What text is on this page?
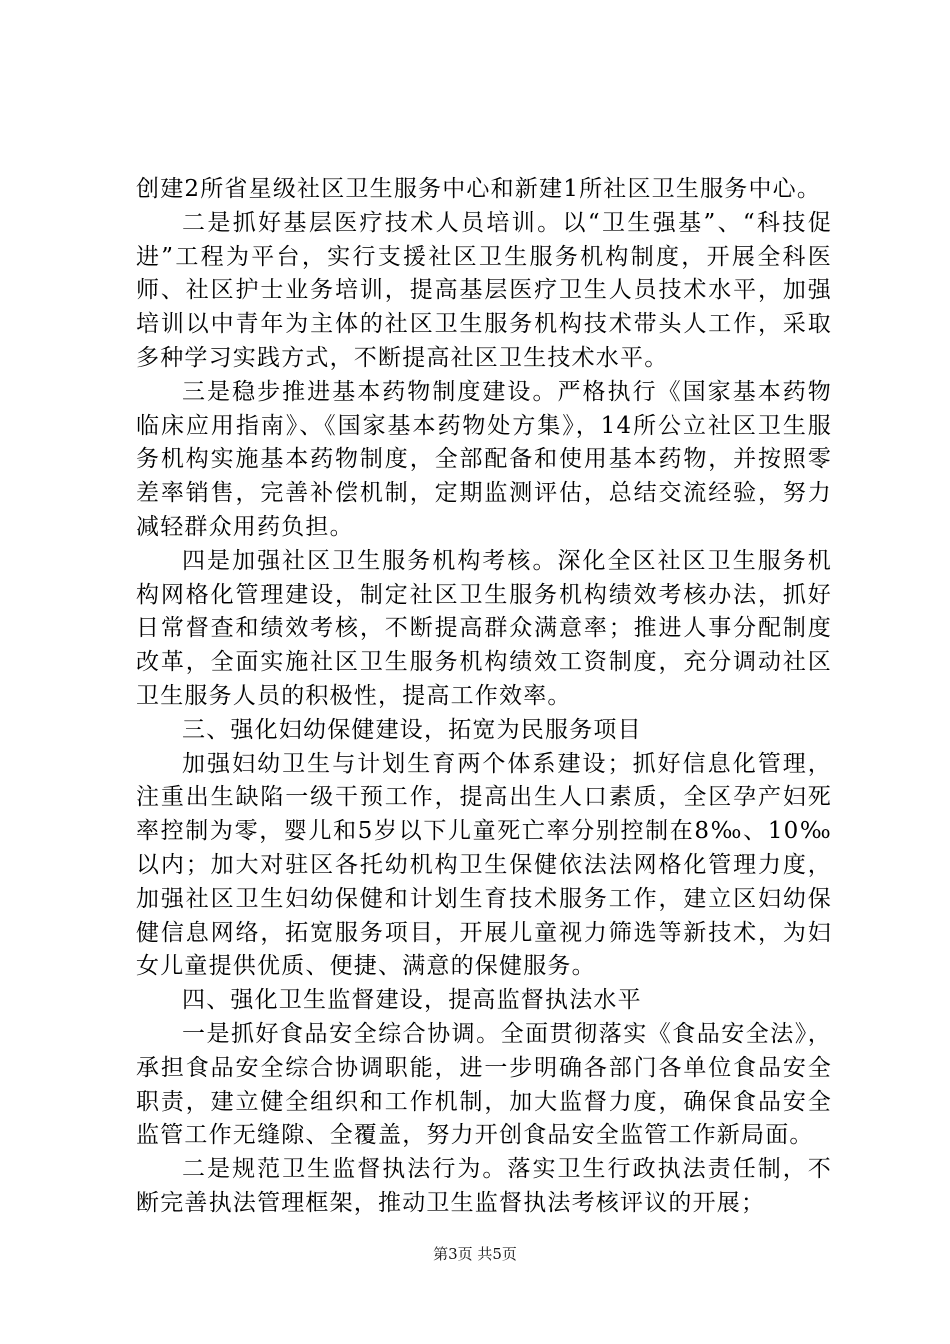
创建2所省星级社区卫生服务中心和新建1所社区卫生服务中心。

二是抓好基层医疗技术人员培训。以“卫生强基”、“科技促进”工程为平台，实行支援社区卫生服务机构制度，开展全科医师、社区护士业务培训，提高基层医疗卫生人员技术水平，加强培训以中青年为主体的社区卫生服务机构技术带头人工作，采取多种学习实践方式，不断提高社区卫生技术水平。

三是稳步推进基本药物制度建设。严格执行《国家基本药物临床应用指南》、《国家基本药物处方集》，14所公立社区卫生服务机构实施基本药物制度，全部配备和使用基本药物，并按照零差率销售，完善补偿机制，定期监测评估，总结交流经验，努力减轻群众用药负担。

四是加强社区卫生服务机构考核。深化全区社区卫生服务机构网格化管理建设，制定社区卫生服务机构绩效考核办法，抓好日常督查和绩效考核，不断提高群众满意率；推进人事分配制度改革，全面实施社区卫生服务机构绩效工资制度，充分调动社区卫生服务人员的积极性，提高工作效率。

三、强化妇幼保健建设，拓宽为民服务项目

加强妇幼卫生与计划生育两个体系建设；抓好信息化管理，注重出生缺陷一级干预工作，提高出生人口素质，全区孕产妇死率控制为零，婴儿和5岁以下儿童死亡率分别控制在8‰、10‰以内；加大对驻区各托幼机构卫生保健依法法网格化管理力度，加强社区卫生妇幼保健和计划生育技术服务工作，建立区妇幼保健信息网络，拓宽服务项目，开展儿童视力筛选等新技术，为妇女儿童提供优质、便捷、满意的保健服务。

四、强化卫生监督建设，提高监督执法水平

一是抓好食品安全综合协调。全面贯彻落实《食品安全法》，承担食品安全综合协调职能，进一步明确各部门各单位食品安全职责，建立健全组织和工作机制，加大监督力度，确保食品安全监管工作无缝隙、全覆盖，努力开创食品安全监管工作新局面。

二是规范卫生监督执法行为。落实卫生行政执法责任制，不断完善执法管理框架，推动卫生监督执法考核评议的开展；

第3页 共5页
